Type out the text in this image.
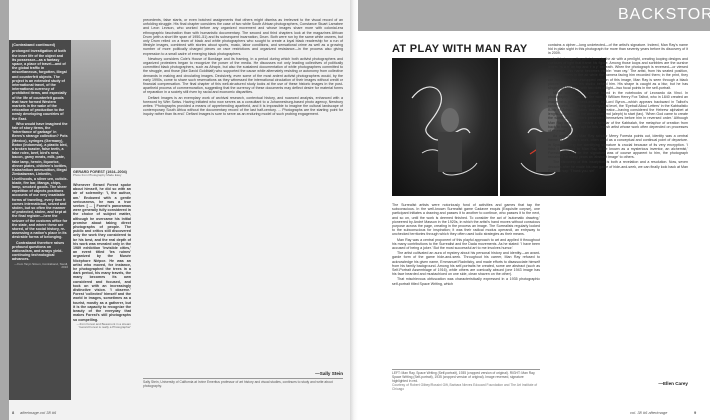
(Contraband continued)

prolonged investigation of both the inner life of the object and its possessor—as a fantasy space, a place of travel—and of the global traffic in miscellaneous, forgotten, illegal and counterfeit objects. The project is an extended study of international travel, of the international currency of prohibited items, and especially of the life of counterfeit goods that have formed Western markets in the wake of the relocation of production to the newly developing countries of the East.

Who would have imagined the fate of story items, the 'inheritance of garbage' in Beres's strange collection? Pots (Mexico), syringes (Germany), Botox (Indonesia), a plastic bird, a broken toaster, false teeth, a fake rolex, beef, bird's nest, bacon, gamy meats, milk, pate, fake lamp, heroin, liquorice, dinner plates, children's bottles, Kalashnikov ammunition, illegal Zimbabwean, LinkedIn, Livelihoods, a silver urn, cuticle-blade, fire bar, Manga, chips, lamp, smoked goods. The sheer repetition of objects positions accounts of our very insatiable forms of traveling, every time it comes international, seized and stolen, but so often the manner of protected, stolen, and kept at the final register—here the seizure of the customs office for the state, and where these are stored, of the social history, re-assessing a nation's place in its desirable forms of belonging.

Contraband therefore raises profound questions on nationalism, and arrays yield-continuing technological advances.

—from Taryn Simon, Contraband, Steidl, 2010
GERARD FOREST (1924–2004)
Photo from Photography Made Easy

Whenever Gerard Forest spoke about himself, he did so with an air of solemnity: 'I, the author, am.' Endowed with a gentle seriousness, he was a true seeker. [ ... ] Forest's panoramas were generally fully considered in the choice of subject matter, although he overcame his initial promise about taking direct photographs of people. The public and critics still discovered only the work they considered to be his best, and the real depth of his work was revealed only in the 1989 exhibition 'Invisible cities,' an event titled 'les ruines' organized by the Musée Nicéphore Niépce. He was an artist who moved, for instance, he photographed the trees in a dark period, his many travels, the many becomes its own considered and focused, and took on with an increasingly distinctive vision. 'I observe.' Forest 'collected' himself and the world in images, sometimes as a tourist, mostly as a gatherer, but it is the capacity to recognize the beauty of the everyday that makes Forest's still photographs so compelling.

—from Forest and Beaumont in a stream 'Gerard Forest is really a Photographer'

precedents, false starts, or even botched assignments that others might dismiss as irrelevant to the visual record of an unfolding struggle. His final chapter considers the case of two white South African photographers, Constance Stuart Larrabee and Leon Levson, who worked before any organized movement and whose images share more with colonial-era ethnographic fascination than with humanistic documentary. The second and third chapters look at the magazines African Drum (with a short life span of 1950–51) and its subsequent incarnation, Drum. Both were run by the same white owners, but only Drum relied on a team of black and white photographers who sought to create a loyal black readership for a run of lifestyle images, combined with stories about sports, music, labor conditions, and sensational crime as well as a growing number of more politically charged pieces on race restrictions and organized resistance—in the process also giving expression to a small cadre of emerging black photographers.

Newbury considers Cole's House of Bondage and its framing, in a period during which both activist photographers and organized protesters began to recognize the power of the media. He discusses not only leading collectives of politically committed black photographers, such as Afrapix, but also the sustained documentation of white photographers committed to the struggle, and those (like David Goldblatt) who supported the cause while alternately resisting or autonomy from collective demands in making and circulating images. Decisively, even some of the most ardent activist photographers would, by the early 1990s, come to share such reservations as they witnessed the international circulation of their images without credit or financial compensation. The final chapter of this well-structured study looks at the use of these historic images in the post-apartheid process of commemoration, suggesting that the currency of these documents may deflect desire for material forms of reparation in a society still riven by racial and economic disparities.

Defiant Images is an exemplary work of archival research, contextual history, and nuanced analysis, enhanced with a foreword by Wim Swiss. Having initiated who now serves as a consultant to a Johannesburg-based photo agency, Newbury writes: 'Photographs provided a means of apprehending apartheid, and it is impossible to imagine the cultural landscape of contemporary South Africa without the documentary record of the last half-century. ... Photographs are the starting point for inquiry rather than its end.' Defiant Images is sure to serve as an enduring model of such probing engagement.

—Sally Stein
Sally Stein, University of California at Irvine Emeritus professor of art history and visual studies, continues to study and write about photography.
8 afterimage.vol 38 #6
BACKSTORY
AT PLAY WITH MAN RAY

The Surrealist artists were notoriously fond of activities and games that tap the subconscious. In the well-known Surrealist game Cadavre exquis (Exquisite corpse), one participant initiates a drawing and passes it to another to continue, who passes it to the next, and so on, until the work is deemed finished. To consider the act of 'automatic drawing,' pioneered by André Masson in the 1920s, in which the artist's hand moves without conscious purpose across the page, creating in the process an image. The Surrealists regularly looked to the subconscious for inspiration; it was their radical modus operandi, an entryway to unchecked territories through which they often used ludic strategies as their means.

Man Ray was a central proponent of this playful approach to art and applied it throughout his many contributions to the Surrealist and the Dada movements. As he stated: 'I have been accused of being a joker.' But the most successful art to me involves humor.'

The artist cultivated an aura of mystery about his personal history and identity—an avant-garde form of the game hide-and-seek. Throughout his career, Man Ray refused to acknowledge his given name, Emmanuel Radnitzky, and made efforts to disassociate himself from his family background. Among his self-portraits he created, some are abstract (such as Self-Portrait Assemblage of 1916), while others are comically absurd (one 1943 image has his face bearded and mustachioed on one side, clean shaven on the other).

That mischievous obfuscation was characteristically expressed in a 1935 photographic self-portrait titled Space Writing, which

LEFT: Man Ray, Space Writing (Self-portrait), 1935 (cropped version of original). RIGHT: Man Ray, Space Writing (Self-portrait), 1935 (cropped version of original). Image reversed, signature highlighted in red.
Courtesy of Robert Gilbey/Rossini Gift, Barbara Nieves Edouard Foundation and The Art Institute of Chicago

contains a cipher—long undetected—of the artist's signature. Indeed, Man Ray's name hid in plain sight in this photograph for more than seventy years before its discovery of it in 2009.

In this image, the artist draws in the air with a penlight, creating looping designs and curlicues of light that frame his figure. Among those loops and scribbles are the cursive letters 'm a n' on top and 'r a y' beneath. When the photograph is reversed—or viewed in a mirror—his name becomes visible: 'man ray.' The artist, from his seated position, drew the letters in the air while the camera facing him recorded them; in the print, they are hidden. In the uncropped version of this image, Man Ray is seen through a black picture frame with his studio behind him. His shape is caught as a blur, but he has singled out his eyes with two dots of light—two focal points in the self-portrait.

Mirror writing is of course found in the notebooks of Leonardo da Vinci. In photography, we see it in the work of William Henry Fox Talbot, who in 1840 created an image of a poem hand-written by Lord Byron—which appears backward in Talbot's contact print. Interesting on a mystical level, the 'Eyeball Alloul Letters' in the Kabbalistic Book of Zohar indicates that the Creator—having considered the Hebrew alphabet at length—constructed the world from end (aleph) to start (tav). 'When God came to create the world, all the letters presented themselves before him in reversed order.' Although Man Ray was by no means a scholar of the Kabbalah, the metaphor of creation from back to front seems apt for this Jewish artist whose work often depended on processes of reversal.

As curator and Man Ray scholar Merry Foresta points out, identity was a central theme in the artist's work, often used as a conceptual and continual point of departure. In Space Writing the identifying signature is crucial because of its very encryption. 'I think it mattered to Man Ray to be known as a mysterious inventor, an alchemist,' Foresta says. While the signature was of course apparent to him, the photograph remained for many years an 'abstract image' to others.

The discovery of this inscription is both a revelation and a resolution. Now, seven decades after he made his own game of hide-and-seek, we can finally look back at Man Ray and say: 'Thank you, sir!'

—Ellen Carey
vol. 38 #6 afterimage	9
